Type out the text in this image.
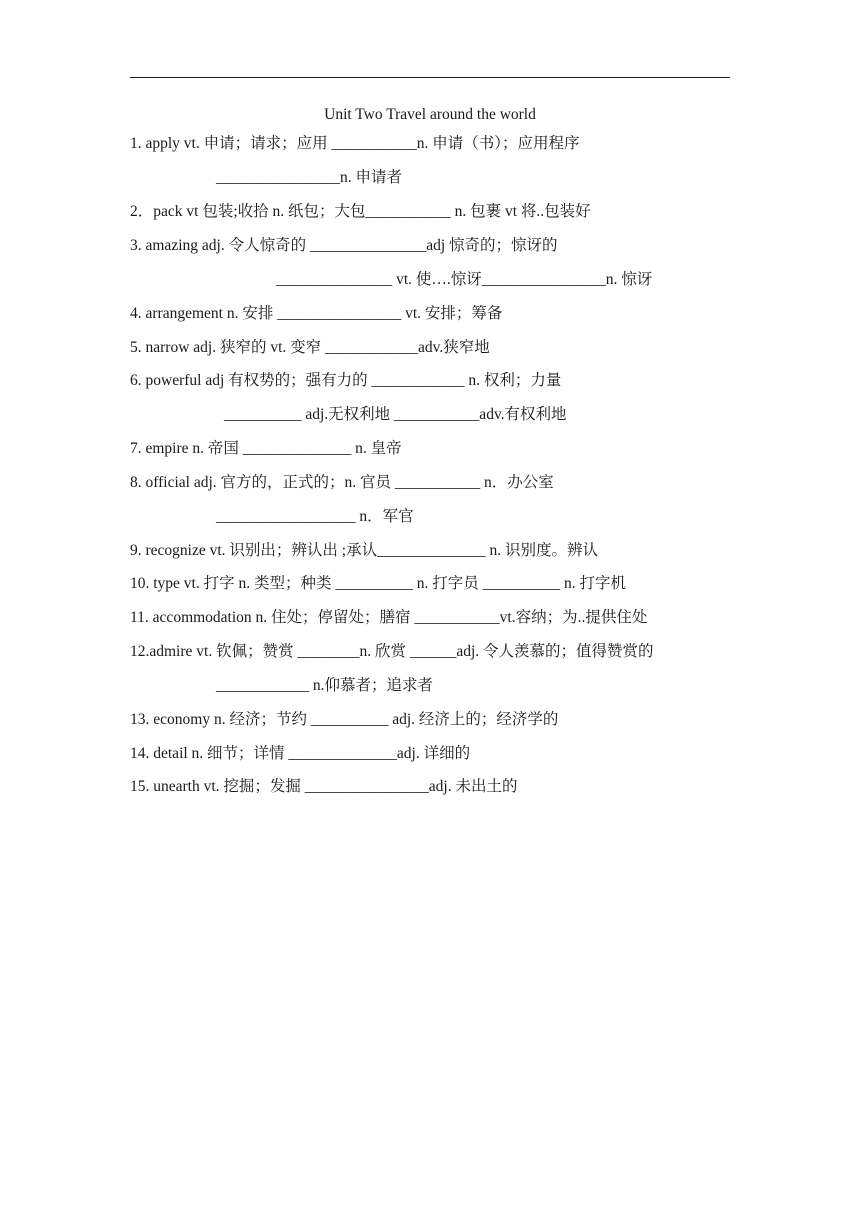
Unit Two Travel around the world
1. apply vt. 申请；请求；应用 ___________n. 申请（书）；应用程序
________________n. 申请者
2．pack vt 包装;收拾 n. 纸包；大包___________ n. 包裹 vt 将..包装好
3. amazing adj. 令人惊奇的 _______________adj 惊奇的；惊讶的
_______________ vt. 使….惊讶________________n. 惊讶
4. arrangement n. 安排 ________________ vt. 安排；筹备
5. narrow adj. 狭窄的 vt. 变窄 ____________adv.狭窄地
6. powerful adj 有权势的；强有力的 ____________ n. 权利；力量
__________ adj.无权利地 ___________adv.有权利地
7. empire n. 帝国 ______________ n. 皇帝
8. official adj. 官方的，正式的；n. 官员 ___________ n．办公室
__________________ n．军官
9. recognize vt. 识别出；辨认出 ;承认______________ n. 识别度。辨认
10. type vt. 打字 n. 类型；种类 __________ n. 打字员 __________ n. 打字机
11. accommodation n. 住处；停留处；膳宿 ___________vt.容纳；为..提供住处
12.admire vt. 钦佩；赞赏 ________n. 欣赏 ______adj. 令人羡慕的；值得赞赏的
____________ n.仰慕者；追求者
13. economy n. 经济；节约 __________ adj. 经济上的；经济学的
14. detail n. 细节；详情 ______________adj. 详细的
15. unearth vt. 挖掘；发掘 ________________adj. 未出土的
